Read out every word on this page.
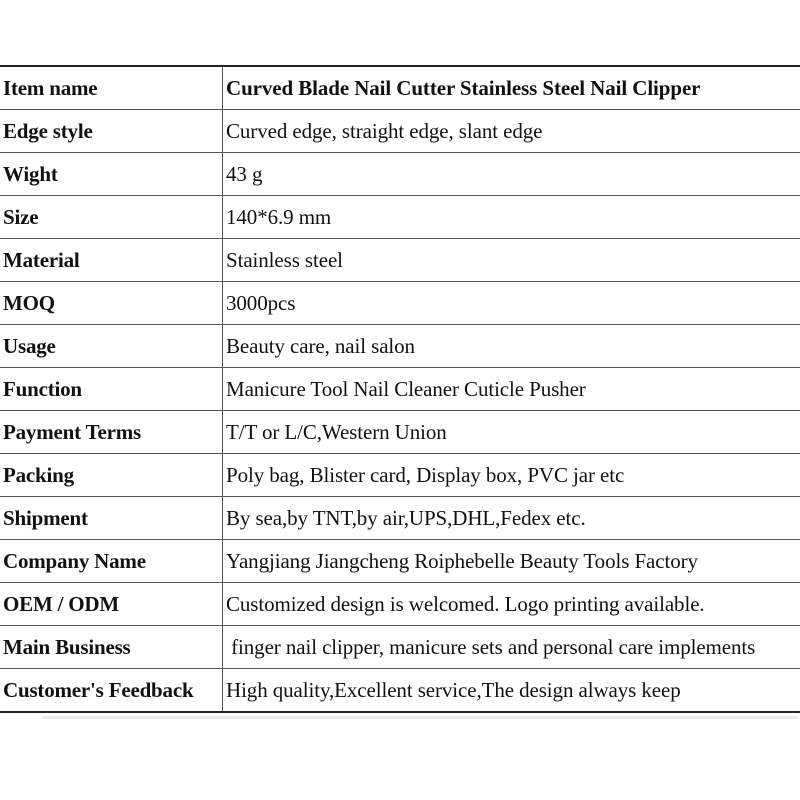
Item name	Curved Blade Nail Cutter Stainless Steel Nail Clipper
Edge style	Curved edge, straight edge, slant edge
Wight	43 g
Size	140*6.9 mm
Material	Stainless steel
MOQ	3000pcs
Usage	Beauty care, nail salon
Function	Manicure Tool Nail Cleaner Cuticle Pusher
Payment Terms	T/T or L/C,Western Union
Packing	Poly bag, Blister card, Display box, PVC jar etc
Shipment	By sea,by TNT,by air,UPS,DHL,Fedex etc.
Company Name	Yangjiang Jiangcheng Roiphebelle Beauty Tools Factory
OEM / ODM	Customized design is welcomed. Logo printing available.
Main Business	finger nail clipper, manicure sets and personal care implements
Customer's Feedback	High quality,Excellent service,The design always keep
